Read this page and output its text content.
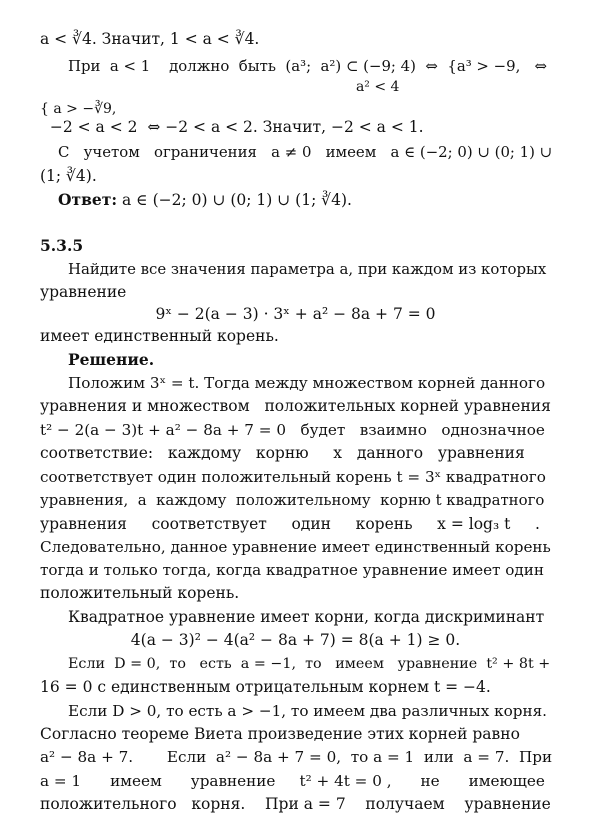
a < ∛4. Значит, 1 < a < ∛4.
При  a < 1    должно  быть  (a³;  a²) ⊂ (−9; 4)  ⇔  {a³ > −9,   ⇔
a² < 4
{ a > −∛9,
−2 < a < 2  ⇔ −2 < a < 2. Значит, −2 < a < 1.
С   учетом   ограничения   a ≠ 0   имеем   a ∈ (−2; 0) ∪ (0; 1) ∪
(1; ∛4).
Ответ: a ∈ (−2; 0) ∪ (0; 1) ∪ (1; ∛4).
5.3.5
Найдите все значения параметра a, при каждом из которых
уравнение
9ˣ − 2(a − 3) · 3ˣ + a² − 8a + 7 = 0
имеет единственный корень.
Решение.
Положим 3ˣ = t. Тогда между множеством корней данного
уравнения и множеством   положительных корней уравнения
t² − 2(a − 3)t + a² − 8a + 7 = 0   будет   взаимно   однозначное
соответствие:   каждому   корню     x   данного   уравнения
соответствует один положительный корень t = 3ˣ квадратного
уравнения,  а  каждому  положительному  корню t квадратного
уравнения     соответствует     один     корень     x = log₃ t     .
Следовательно, данное уравнение имеет единственный корень
тогда и только тогда, когда квадратное уравнение имеет один
положительный корень.
Квадратное уравнение имеет корни, когда дискриминант
4(a − 3)² − 4(a² − 8a + 7) = 8(a + 1) ≥ 0.
Если  D = 0,  то   есть  a = −1,  то   имеем   уравнение  t² + 8t +
16 = 0 с единственным отрицательным корнем t = −4.
Если D > 0, то есть a > −1, то имеем два различных корня.
Согласно теореме Виета произведение этих корней равно
a² − 8a + 7.       Если  a² − 8a + 7 = 0,  то a = 1  или  a = 7.  При
a = 1      имеем      уравнение     t² + 4t = 0 ,      не      имеющее
положительного   корня.    При a = 7    получаем    уравнение
